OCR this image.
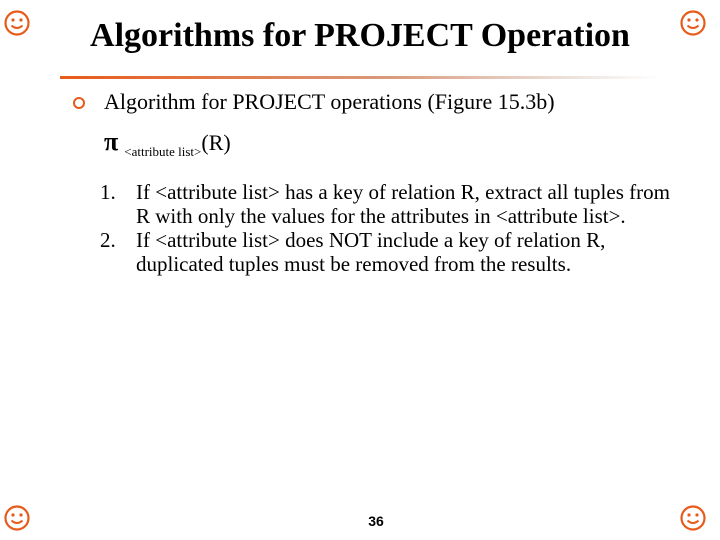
Algorithms for PROJECT Operation
Algorithm for PROJECT operations (Figure 15.3b)
π $_{<attribute list>}$(R)
1. If <attribute list> has a key of relation R, extract all tuples from R with only the values for the attributes in <attribute list>.
2. If <attribute list> does NOT include a key of relation R, duplicated tuples must be removed from the results.
36
